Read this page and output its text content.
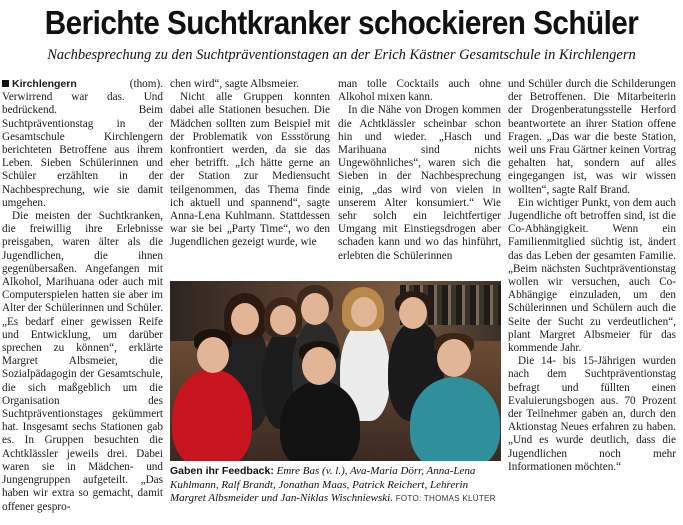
Berichte Suchtkranker schockieren Schüler
Nachbesprechung zu den Suchtpräventionstagen an der Erich Kästner Gesamtschule in Kirchlengern

Kirchlengern (thom). Verwirrend war das. Und bedrückend. Beim Suchtpräventionstag in der Gesamtschule Kirchlengern berichteten Betroffene aus ihrem Leben. Sieben Schülerinnen und Schüler erzählten in der Nachbesprechung, wie sie damit umgehen.

Die meisten der Suchtkranken, die freiwillig ihre Erlebnisse preisgaben, waren älter als die Jugendlichen, die ihnen gegenübersaßen. Angefangen mit Alkohol, Marihuana oder auch mit Computerspielen hatten sie aber im Alter der Schülerinnen und Schüler. „Es bedarf einer gewissen Reife und Entwicklung, um darüber sprechen zu können“, erklärte Margret Albsmeier, die Sozialpädagogin der Gesamtschule, die sich maßgeblich um die Organisation des Suchtpräventionstages gekümmert hat. Insgesamt sechs Stationen gab es. In Gruppen besuchten die Achtklässler jeweils drei. Dabei waren sie in Mädchen- und Jungengruppen aufgeteilt. „Das haben wir extra so gemacht, damit offener gespro-

chen wird“, sagte Albsmeier.

Nicht alle Gruppen konnten dabei alle Stationen besuchen. Die Mädchen sollten zum Beispiel mit der Problematik von Essstörung konfrontiert werden, da sie das eher betrifft. „Ich hätte gerne an der Station zur Mediensucht teilgenommen, das Thema finde ich aktuell und spannend“, sagte Anna-Lena Kuhlmann. Stattdessen war sie bei „Party Time“, wo den Jugendlichen gezeigt wurde, wie

man tolle Cocktails auch ohne Alkohol mixen kann.

In die Nähe von Drogen kommen die Achtklässler scheinbar schon hin und wieder. „Hasch und Marihuana sind nichts Ungewöhnliches“, waren sich die Sieben in der Nachbesprechung einig, „das wird von vielen in unserem Alter konsumiert.“ Wie sehr solch ein leichtfertiger Umgang mit Einstiegsdrogen aber schaden kann und wo das hinführt, erlebten die Schülerinnen

und Schüler durch die Schilderungen der Betroffenen. Die Mitarbeiterin der Drogenberatungsstelle Herford beantwortete an ihrer Station offene Fragen. „Das war die beste Station, weil uns Frau Gärtner keinen Vortrag gehalten hat, sondern auf alles eingegangen ist, was wir wissen wollten“, sagte Ralf Brand.

Ein wichtiger Punkt, von dem auch Jugendliche oft betroffen sind, ist die Co-Abhängigkeit. Wenn ein Familienmitglied süchtig ist, ändert das das Leben der gesamten Familie. „Beim nächsten Suchtpräventionstag wollen wir versuchen, auch Co-Abhängige einzuladen, um den Schülerinnen und Schülern auch die Seite der Sucht zu verdeutlichen“, plant Margret Albsmeier für das kommende Jahr.

Die 14- bis 15-Jährigen wurden nach dem Suchtpräventionstag befragt und füllten einen Evaluierungsbogen aus. 70 Prozent der Teilnehmer gaben an, durch den Aktionstag Neues erfahren zu haben. „Und es wurde deutlich, dass die Jugendlichen noch mehr Informationen möchten.“

Gaben ihr Feedback: Emre Bas (v. l.), Ava-Maria Dörr, Anna-Lena Kuhlmann, Ralf Brandt, Jonathan Maas, Patrick Reichert, Lehrerin Margret Albsmeider und Jan-Niklas Wischniewski. FOTO: THOMAS KLÜTER
